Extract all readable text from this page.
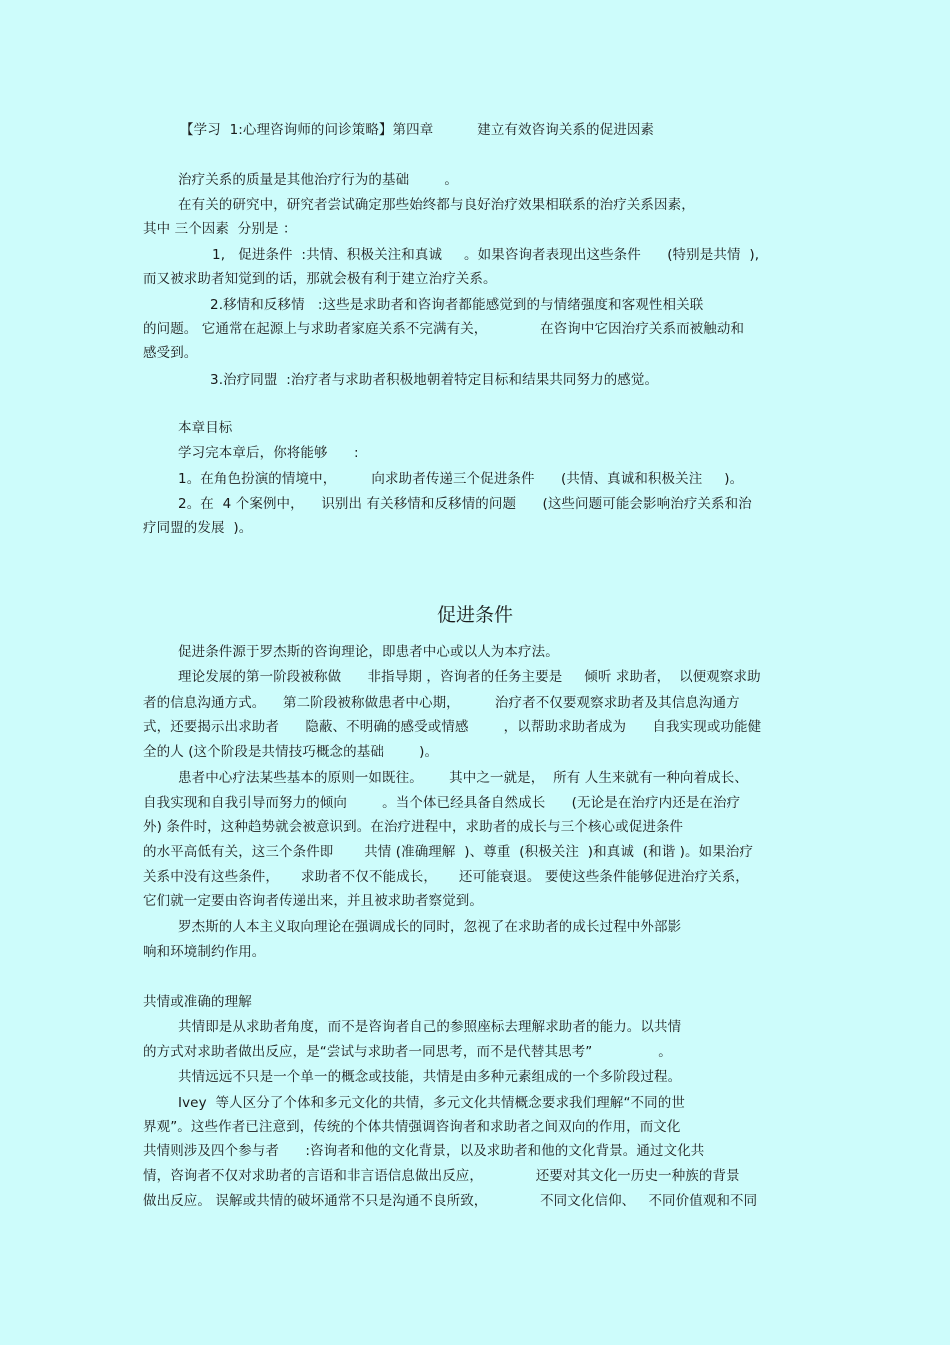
【学习  1:心理咨询师的问诊策略】第四章          建立有效咨询关系的促进因素
治疗关系的质量是其他治疗行为的基础        。
在有关的研究中，研究者尝试确定那些始终都与良好治疗效果相联系的治疗关系因素，
其中 三个因素  分别是 ：
1,   促进条件  :共情、积极关注和真诚     。如果咨询者表现出这些条件      (特别是共情  ),
而又被求助者知觉到的话，那就会极有利于建立治疗关系。
2.移情和反移情   :这些是求助者和咨询者都能感觉到的与情绪强度和客观性相关联
的问题。 它通常在起源上与求助者家庭关系不完满有关，            在咨询中它因治疗关系而被触动和
感受到。
3.治疗同盟  :治疗者与求助者积极地朝着特定目标和结果共同努力的感觉。
本章目标
学习完本章后，你将能够      :
1。在角色扮演的情境中，        向求助者传递三个促进条件      (共情、真诚和积极关注     )。
2。在  4 个案例中，    识别出 有关移情和反移情的问题      (这些问题可能会影响治疗关系和治
疗同盟的发展  )。
促进条件
促进条件源于罗杰斯的咨询理论，即患者中心或以人为本疗法。
理论发展的第一阶段被称做      非指导期 ，咨询者的任务主要是     倾听 求助者，  以便观察求助
者的信息沟通方式。    第二阶段被称做患者中心期，        治疗者不仅要观察求助者及其信息沟通方
式，还要揭示出求助者      隐蔽、不明确的感受或情感        ，以帮助求助者成为      自我实现或功能健
全的人 (这个阶段是共情技巧概念的基础        )。
患者中心疗法某些基本的原则一如既往。      其中之一就是，  所有 人生来就有一种向着成长、
自我实现和自我引导而努力的倾向        。当个体已经具备自然成长      (无论是在治疗内还是在治疗
外) 条件时，这种趋势就会被意识到。在治疗进程中，求助者的成长与三个核心或促进条件
的水平高低有关，这三个条件即       共情 (准确理解  )、尊重  (积极关注  )和真诚  (和谐 )。如果治疗
关系中没有这些条件，     求助者不仅不能成长，     还可能衰退。 要使这些条件能够促进治疗关系，
它们就一定要由咨询者传递出来，并且被求助者察觉到。
罗杰斯的人本主义取向理论在强调成长的同时，忽视了在求助者的成长过程中外部影
响和环境制约作用。
共情或准确的理解
共情即是从求助者角度，而不是咨询者自己的参照座标去理解求助者的能力。以共情
的方式对求助者做出反应，是“尝试与求助者一同思考，而不是代替其思考”               。
共情远远不只是一个单一的概念或技能，共情是由多种元素组成的一个多阶段过程。
Ivey  等人区分了个体和多元文化的共情，多元文化共情概念要求我们理解“不同的世
界观”。这些作者已注意到，传统的个体共情强调咨询者和求助者之间双向的作用，而文化
共情则涉及四个参与者      :咨询者和他的文化背景，以及求助者和他的文化背景。通过文化共
情，咨询者不仅对求助者的言语和非言语信息做出反应，            还要对其文化一历史一种族的背景
做出反应。 误解或共情的破坏通常不只是沟通不良所致，            不同文化信仰、   不同价值观和不同
